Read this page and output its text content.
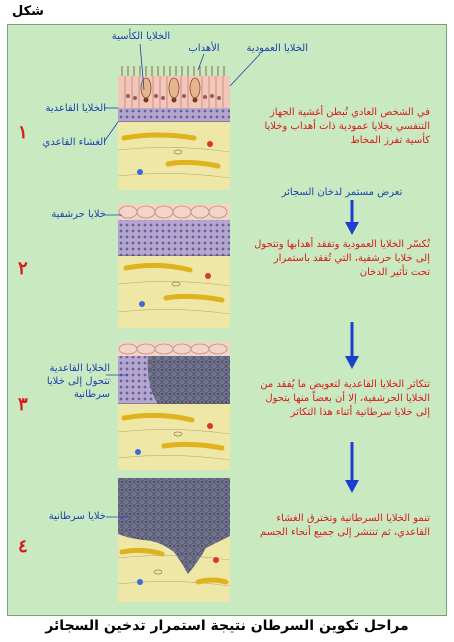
شكل
الخلايا الكأسية
الأهداب	الخلايا العمودية
الخلايا القاعدية
الغشاء القاعدي
١
في الشخص العادي تُبطن أغشية الجهاز التنفسي بخلايا عمودية ذات أهداب وخلايا كأسية تفرز المخاط
تعرض مستمر لدخان السجائر
خلايا حرشفية
٢
تُكسّر الخلايا العمودية وتفقد أهدابها وتتحول إلى خلايا حرشفية، التي تُفقد باستمرار تحت تأثير الدخان
الخلايا القاعدية تتحول إلى خلايا سرطانية
٣
تتكاثر الخلايا القاعدية لتعويض ما يُفقد من الخلايا الحرشفية، إلا أن بعضاً منها يتحول إلى خلايا سرطانية أثناء هذا التكاثر
خلايا سرطانية
٤
تنمو الخلايا السرطانية وتخترق الغشاء القاعدي، ثم تنتشر إلى جميع أنحاء الجسم
مراحل تكوين السرطان نتيجة استمرار تدخين السجائر
